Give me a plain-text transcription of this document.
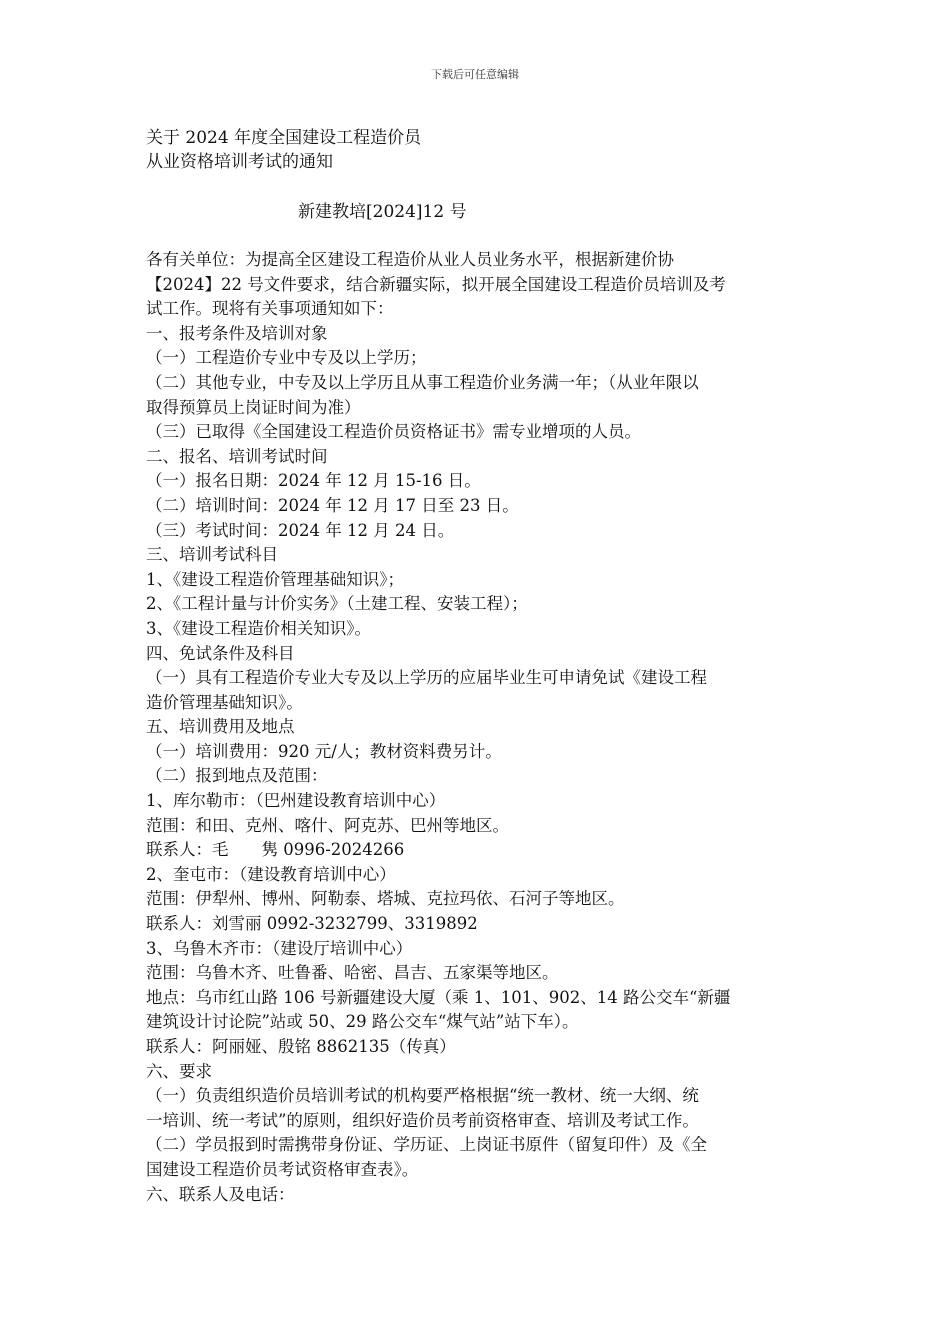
下载后可任意编辑
关于 2024 年度全国建设工程造价员
从业资格培训考试的通知
新建教培[2024]12 号
各有关单位：为提高全区建设工程造价从业人员业务水平，根据新建价协
【2024】22 号文件要求，结合新疆实际，拟开展全国建设工程造价员培训及考
试工作。现将有关事项通知如下：
一、报考条件及培训对象
（一）工程造价专业中专及以上学历；
（二）其他专业，中专及以上学历且从事工程造价业务满一年；（从业年限以
取得预算员上岗证时间为准）
（三）已取得《全国建设工程造价员资格证书》需专业增项的人员。
二、报名、培训考试时间
（一）报名日期：2024 年 12 月 15-16 日。
（二）培训时间：2024 年 12 月 17 日至 23 日。
（三）考试时间：2024 年 12 月 24 日。
三、培训考试科目
1、《建设工程造价管理基础知识》；
2、《工程计量与计价实务》（土建工程、安装工程）；
3、《建设工程造价相关知识》。
四、免试条件及科目
（一）具有工程造价专业大专及以上学历的应届毕业生可申请免试《建设工程
造价管理基础知识》。
五、培训费用及地点
（一）培训费用：920 元/人；教材资料费另计。
（二）报到地点及范围：
1、库尔勒市：（巴州建设教育培训中心）
范围：和田、克州、喀什、阿克苏、巴州等地区。
联系人：毛　　隽 0996-2024266
2、奎屯市：（建设教育培训中心）
范围：伊犁州、博州、阿勒泰、塔城、克拉玛依、石河子等地区。
联系人：刘雪丽 0992-3232799、3319892
3、乌鲁木齐市：（建设厅培训中心）
范围：乌鲁木齐、吐鲁番、哈密、昌吉、五家渠等地区。
地点：乌市红山路 106 号新疆建设大厦（乘 1、101、902、14 路公交车“新疆
建筑设计讨论院”站或 50、29 路公交车“煤气站”站下车）。
联系人：阿丽娅、殷铭 8862135（传真）
六、要求
（一）负责组织造价员培训考试的机构要严格根据“统一教材、统一大纲、统
一培训、统一考试”的原则，组织好造价员考前资格审查、培训及考试工作。
（二）学员报到时需携带身份证、学历证、上岗证书原件（留复印件）及《全
国建设工程造价员考试资格审查表》。
六、联系人及电话：
